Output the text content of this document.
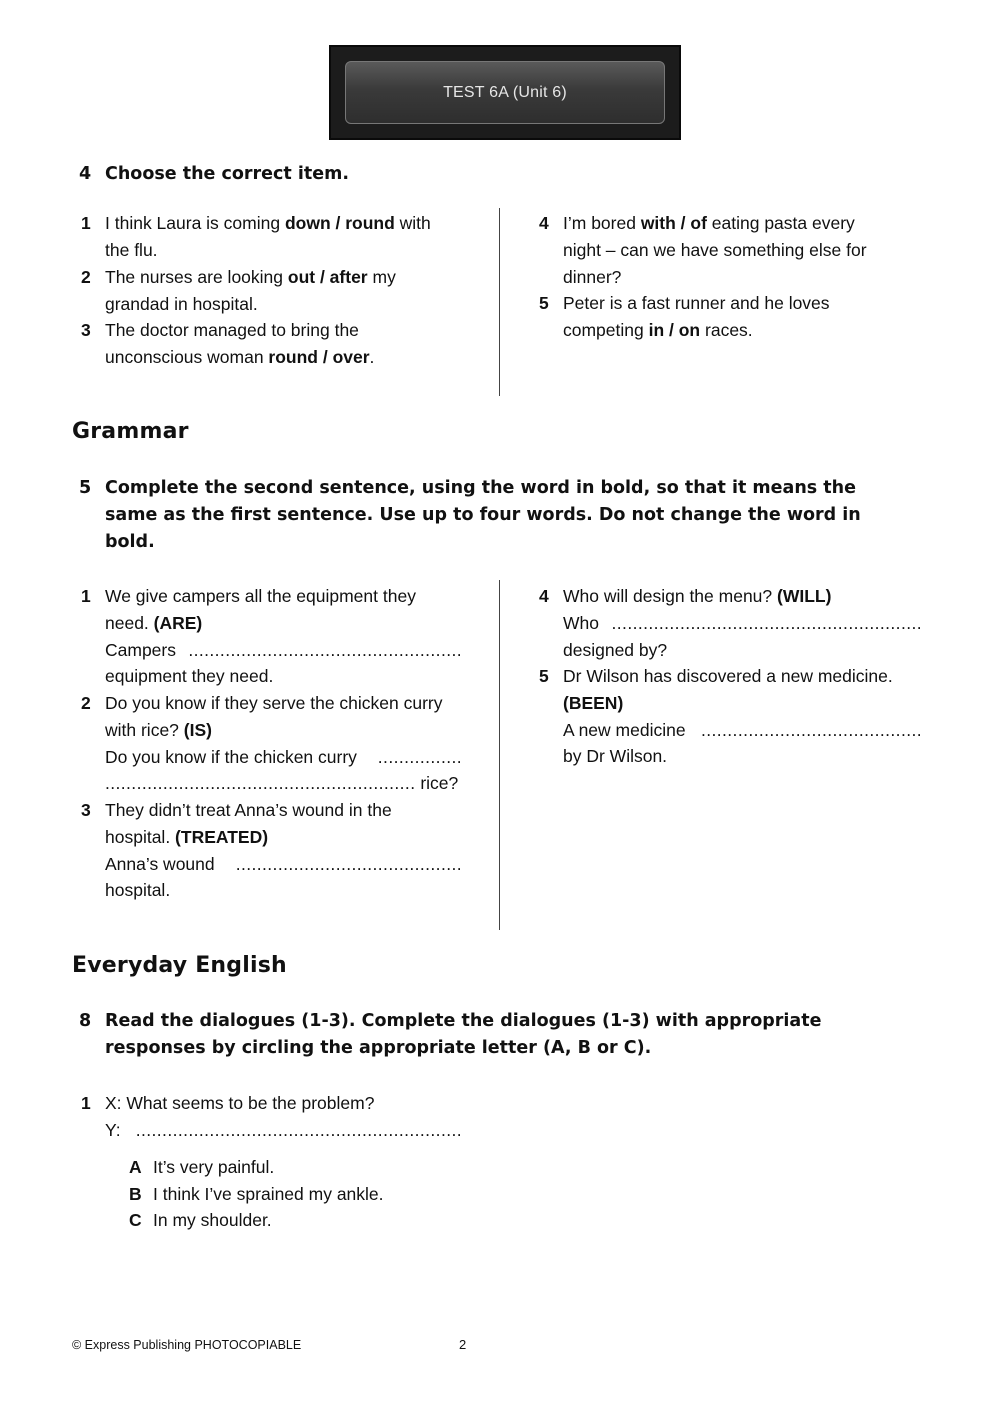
TEST 6A (Unit 6)
4 Choose the correct item.
1 I think Laura is coming down / round with
the flu.
2 The nurses are looking out / after my
grandad in hospital.
3 The doctor managed to bring the
unconscious woman round / over.
4 I’m bored with / of eating pasta every
night – can we have something else for
dinner?
5 Peter is a fast runner and he loves
competing in / on races.
Grammar
5 Complete the second sentence, using the word in bold, so that it means the
same as the first sentence. Use up to four words. Do not change the word in
bold.
1 We give campers all the equipment they
need. (ARE)
Campers ....................................................
equipment they need.
2 Do you know if they serve the chicken curry
with rice? (IS)
Do you know if the chicken curry ................
........................................................... rice?
3 They didn’t treat Anna’s wound in the
hospital. (TREATED)
Anna’s wound ...........................................
hospital.
4 Who will design the menu? (WILL)
Who ...........................................................
designed by?
5 Dr Wilson has discovered a new medicine.
(BEEN)
A new medicine ..........................................
by Dr Wilson.
Everyday English
8 Read the dialogues (1-3). Complete the dialogues (1-3) with appropriate
responses by circling the appropriate letter (A, B or C).
1 X: What seems to be the problem?
Y: ..............................................................
A It’s very painful.
B I think I’ve sprained my ankle.
C In my shoulder.
© Express Publishing PHOTOCOPIABLE	2
